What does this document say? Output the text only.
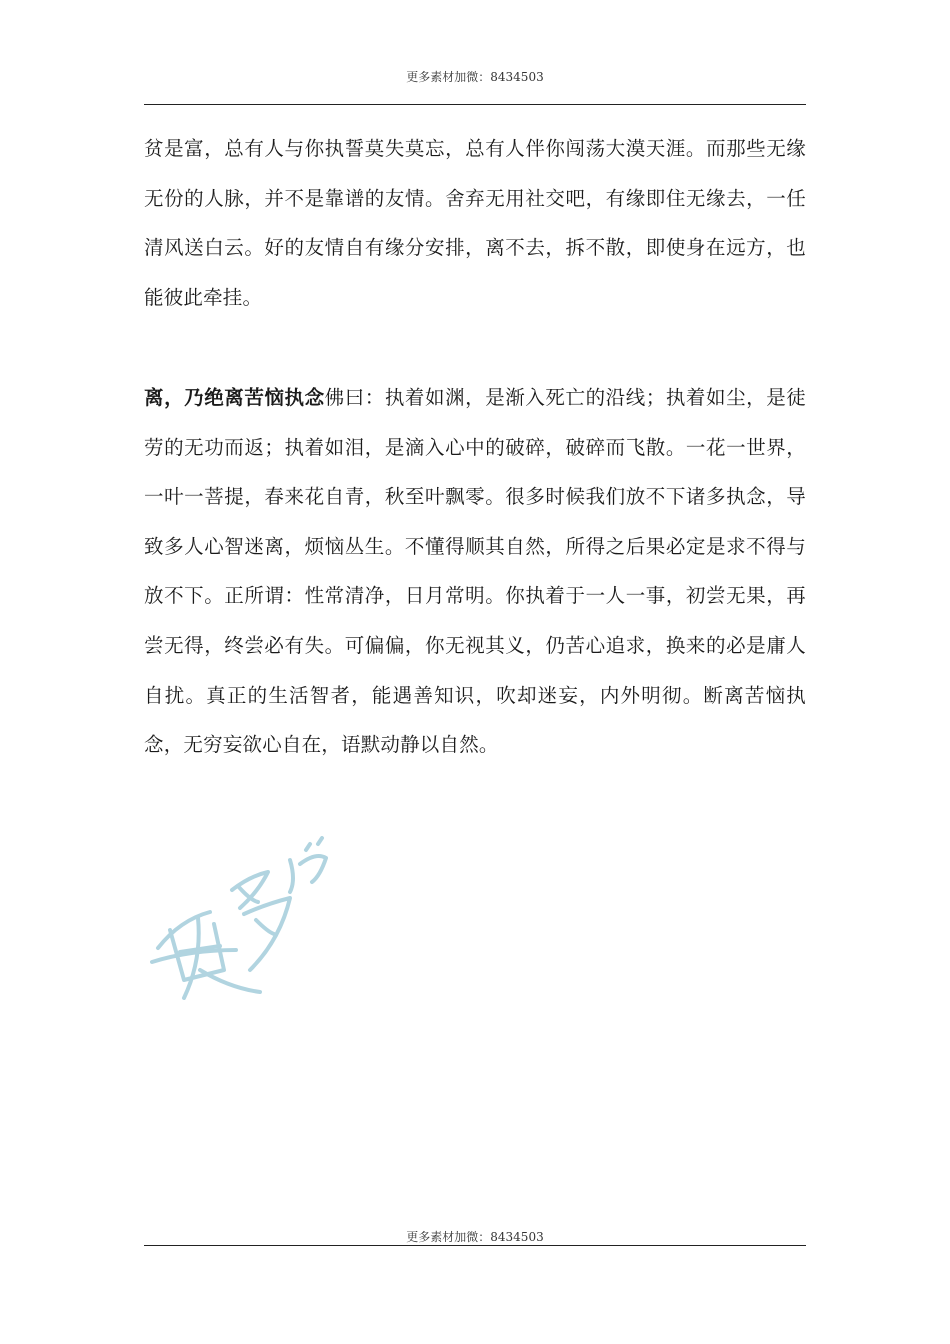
更多素材加微：8434503

贫是富，总有人与你执誓莫失莫忘，总有人伴你闯荡大漠天涯。而那些无缘无份的人脉，并不是靠谱的友情。舍弃无用社交吧，有缘即住无缘去，一任清风送白云。好的友情自有缘分安排，离不去，拆不散，即使身在远方，也能彼此牵挂。

离，乃绝离苦恼执念佛曰：执着如渊，是渐入死亡的沿线；执着如尘，是徒劳的无功而返；执着如泪，是滴入心中的破碎，破碎而飞散。一花一世界，一叶一菩提，春来花自青，秋至叶飘零。很多时候我们放不下诸多执念，导致多人心智迷离，烦恼丛生。不懂得顺其自然，所得之后果必定是求不得与放不下。正所谓：性常清净，日月常明。你执着于一人一事，初尝无果，再尝无得，终尝必有失。可偏偏，你无视其义，仍苦心追求，换来的必是庸人自扰。真正的生活智者，能遇善知识，吹却迷妄，内外明彻。断离苦恼执念，无穷妄欲心自在，语默动静以自然。

更多素材加微：8434503
